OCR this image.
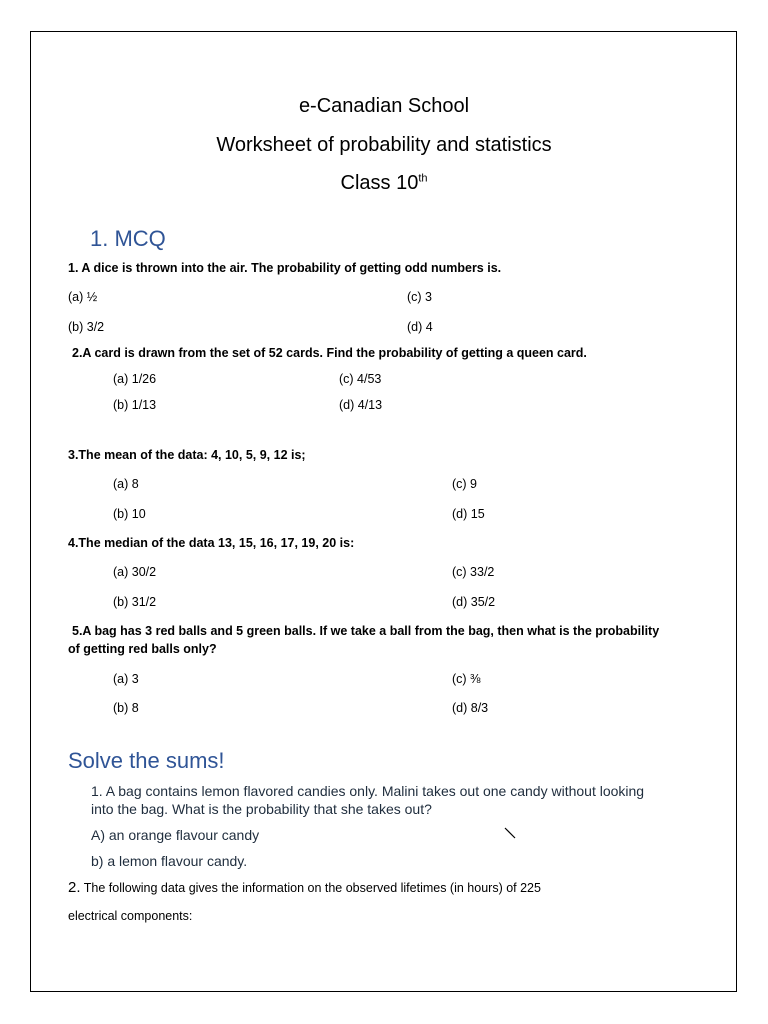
e-Canadian School
Worksheet of probability and statistics
Class 10th
1. MCQ
1. A dice is thrown into the air. The probability of getting odd numbers is.
(a) ½	(c) 3
(b) 3/2	(d) 4
2.A card is drawn from the set of 52 cards. Find the probability of getting a queen card.
(a) 1/26	(c) 4/53
(b) 1/13	(d) 4/13
3.The mean of the data: 4, 10, 5, 9, 12 is;
(a) 8	(c) 9
(b) 10	(d) 15
4.The median of the data 13, 15, 16, 17, 19, 20 is:
(a) 30/2	(c) 33/2
(b) 31/2	(d) 35/2
5.A bag has 3 red balls and 5 green balls. If we take a ball from the bag, then what is the probability
of getting red balls only?
(a) 3	(c) ⅜
(b) 8	(d) 8/3
Solve the sums!
1. A bag contains lemon flavored candies only. Malini takes out one candy without looking
into the bag. What is the probability that she takes out?
A) an orange flavour candy
b) a lemon flavour candy.
2. The following data gives the information on the observed lifetimes (in hours) of 225
electrical components:
